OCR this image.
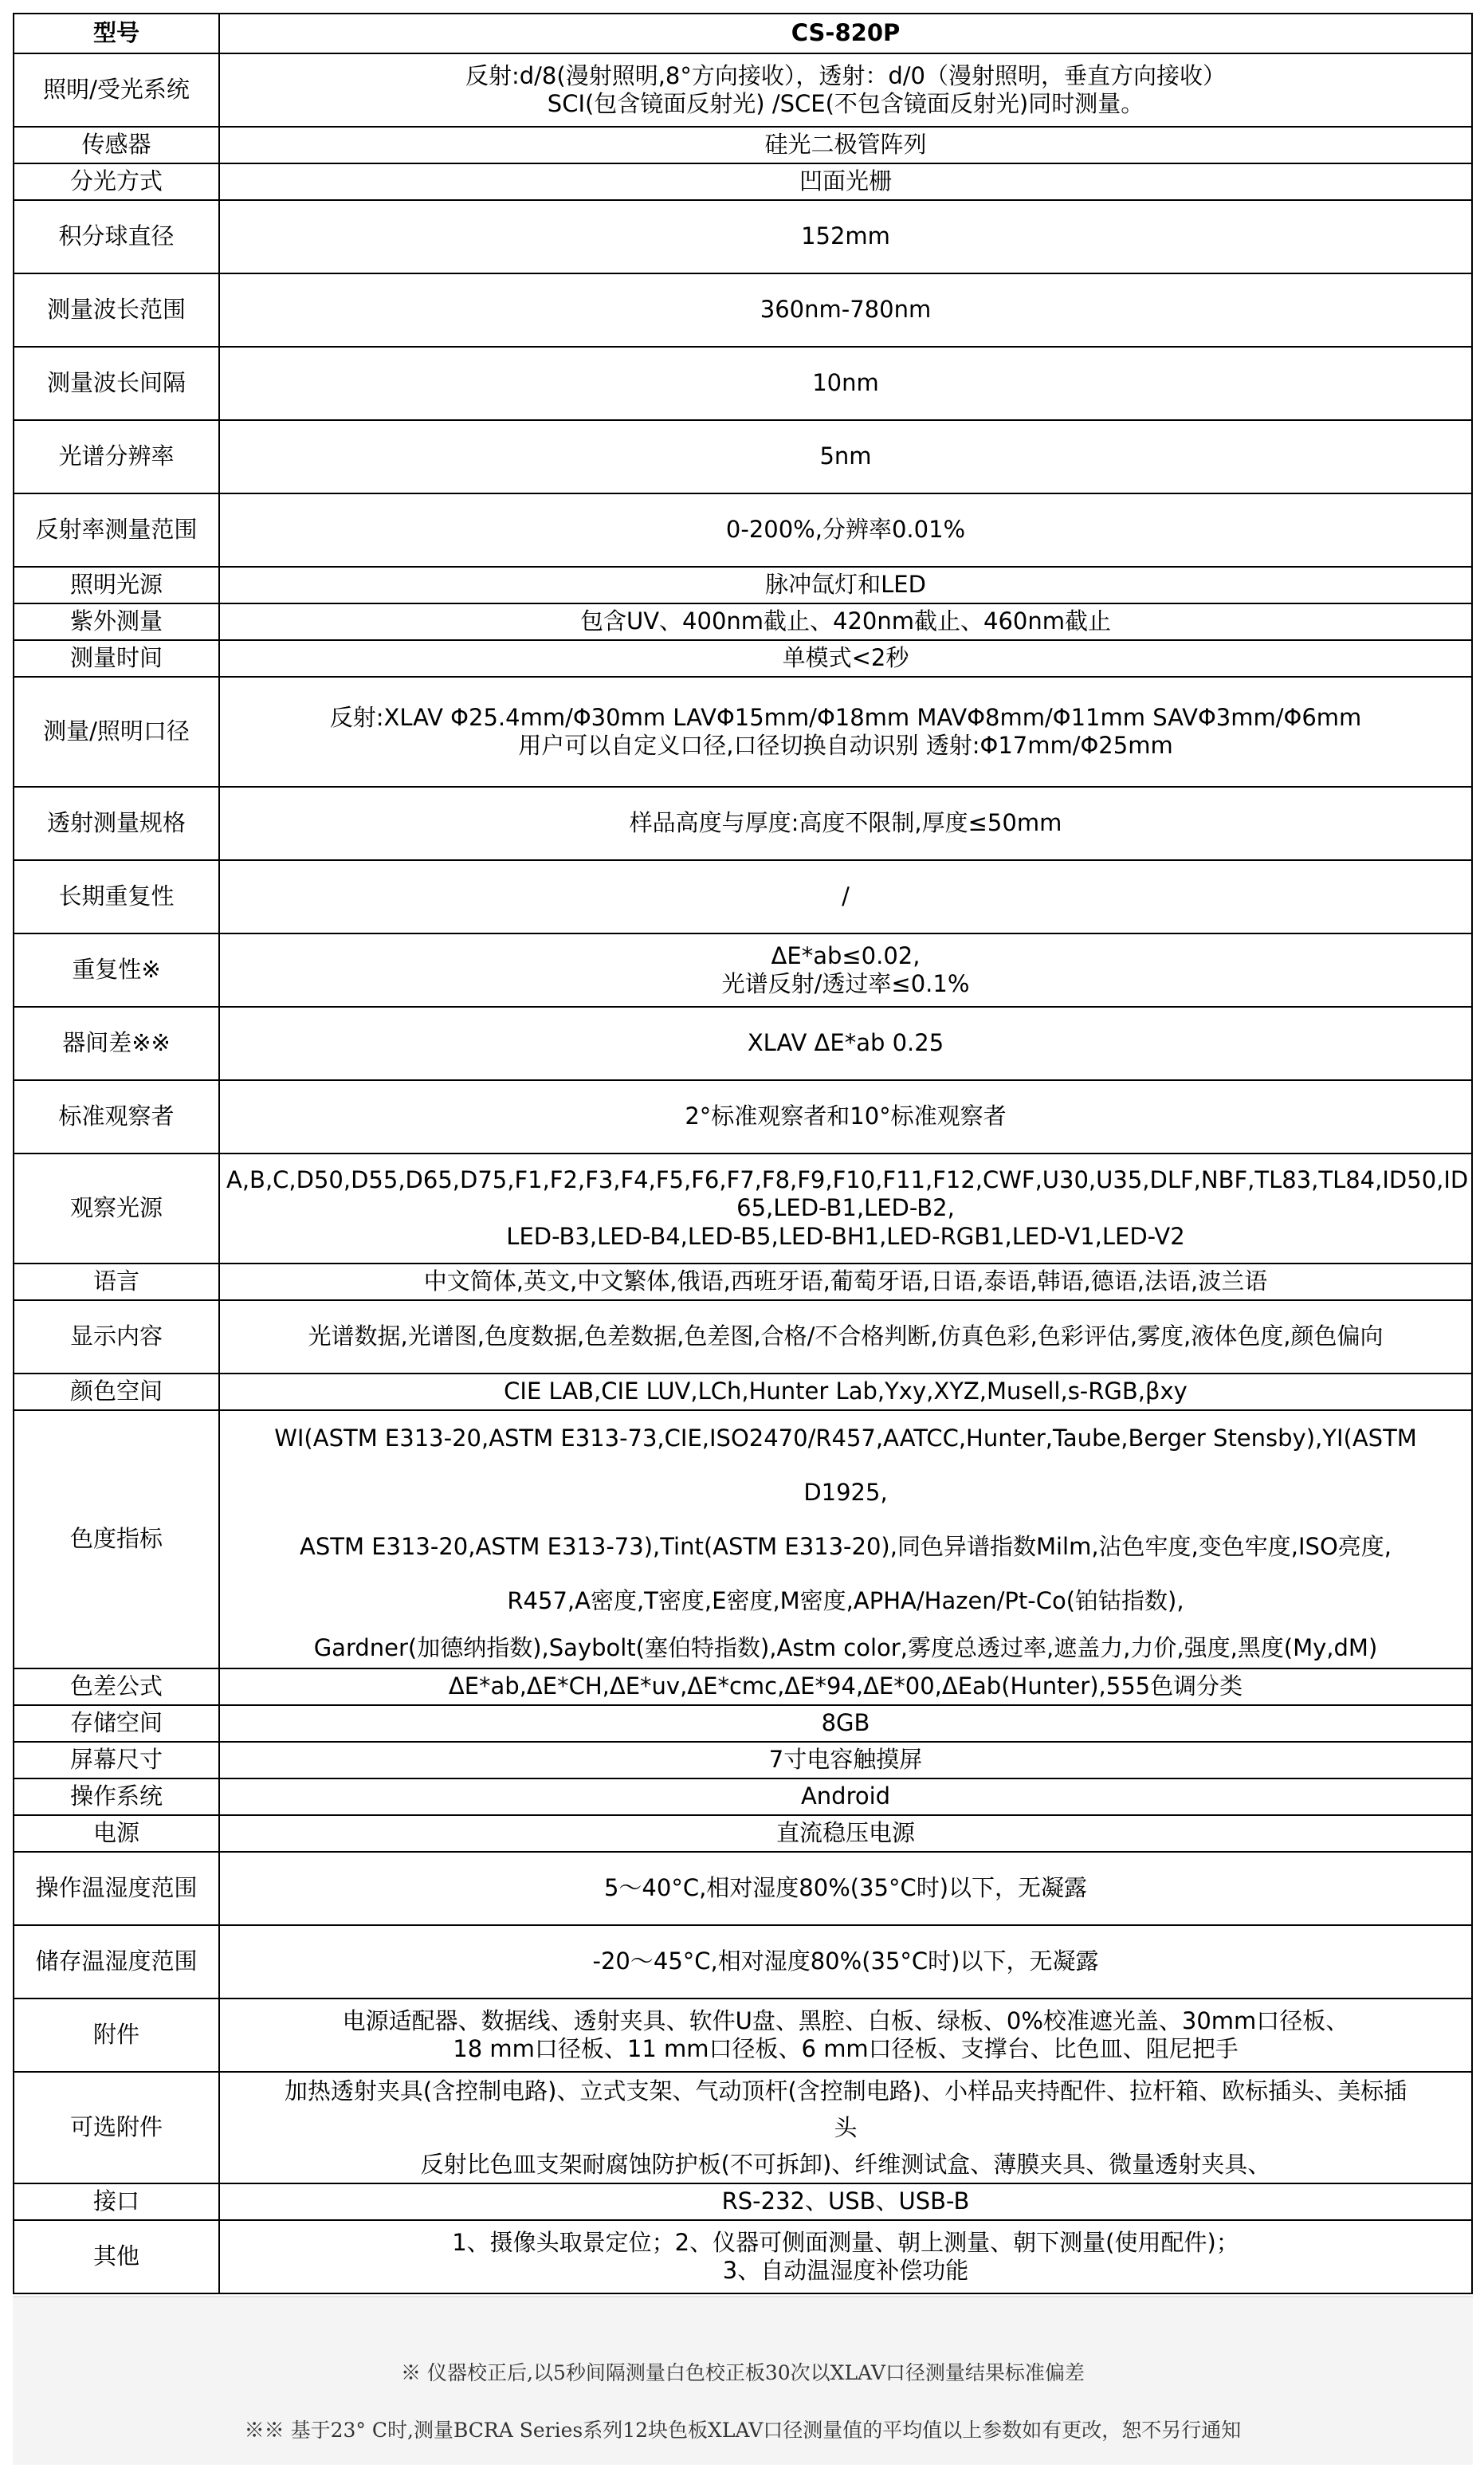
型号	CS-820P
照明/受光系统	反射:d/8(漫射照明,8°方向接收），透射：d/0（漫射照明，垂直方向接收）
SCI(包含镜面反射光) /SCE(不包含镜面反射光)同时测量。

传感器	硅光二极管阵列

分光方式	凹面光栅

积分球直径	152mm

测量波长范围	360nm-780nm

测量波长间隔	10nm

光谱分辨率	5nm

反射率测量范围	0-200%,分辨率0.01%

照明光源	脉冲氙灯和LED

紫外测量	包含UV、400nm截止、420nm截止、460nm截止

测量时间	单模式<2秒

测量/照明口径	反射:XLAV Φ25.4mm/Φ30mm LAVΦ15mm/Φ18mm MAVΦ8mm/Φ11mm SAVΦ3mm/Φ6mm
用户可以自定义口径,口径切换自动识别 透射:Φ17mm/Φ25mm

透射测量规格	样品高度与厚度:高度不限制,厚度≤50mm

长期重复性	/

重复性※	ΔE*ab≤0.02,
光谱反射/透过率≤0.1%

器间差※※	XLAV ΔE*ab 0.25

标准观察者	2°标准观察者和10°标准观察者

观察光源	A,B,C,D50,D55,D65,D75,F1,F2,F3,F4,F5,F6,F7,F8,F9,F10,F11,F12,CWF,U30,U35,DLF,NBF,TL83,TL84,ID50,ID
65,LED-B1,LED-B2,
LED-B3,LED-B4,LED-B5,LED-BH1,LED-RGB1,LED-V1,LED-V2

语言	中文简体,英文,中文繁体,俄语,西班牙语,葡萄牙语,日语,泰语,韩语,德语,法语,波兰语

显示内容	光谱数据,光谱图,色度数据,色差数据,色差图,合格/不合格判断,仿真色彩,色彩评估,雾度,液体色度,颜色偏向

颜色空间	CIE LAB,CIE LUV,LCh,Hunter Lab,Yxy,XYZ,Musell,s-RGB,βxy

色度指标	WI(ASTM E313-20,ASTM E313-73,CIE,ISO2470/R457,AATCC,Hunter,Taube,Berger Stensby),YI(ASTM
D1925,
ASTM E313-20,ASTM E313-73),Tint(ASTM E313-20),同色异谱指数Milm,沾色牢度,变色牢度,ISO亮度,
R457,A密度,T密度,E密度,M密度,APHA/Hazen/Pt-Co(铂钴指数),
Gardner(加德纳指数),Saybolt(塞伯特指数),Astm color,雾度总透过率,遮盖力,力价,强度,黑度(My,dM)

色差公式	ΔE*ab,ΔE*CH,ΔE*uv,ΔE*cmc,ΔE*94,ΔE*00,ΔEab(Hunter),555色调分类

存储空间	8GB

屏幕尺寸	7寸电容触摸屏

操作系统	Android

电源	直流稳压电源

操作温湿度范围	5～40°C,相对湿度80%(35°C时)以下，无凝露

储存温湿度范围	-20～45°C,相对湿度80%(35°C时)以下，无凝露

附件	电源适配器、数据线、透射夹具、软件U盘、黑腔、白板、绿板、0%校准遮光盖、30mm口径板、
18 mm口径板、11 mm口径板、6 mm口径板、支撑台、比色皿、阻尼把手

可选附件	加热透射夹具(含控制电路)、立式支架、气动顶杆(含控制电路)、小样品夹持配件、拉杆箱、欧标插头、美标插
头
反射比色皿支架耐腐蚀防护板(不可拆卸)、纤维测试盒、薄膜夹具、微量透射夹具、

接口	RS-232、USB、USB-B

其他	1、摄像头取景定位；2、仪器可侧面测量、朝上测量、朝下测量(使用配件)；
3、自动温湿度补偿功能
※ 仪器校正后,以5秒间隔测量白色校正板30次以XLAV口径测量结果标准偏差
※※ 基于23° C时,测量BCRA Series系列12块色板XLAV口径测量值的平均值以上参数如有更改，恕不另行通知
